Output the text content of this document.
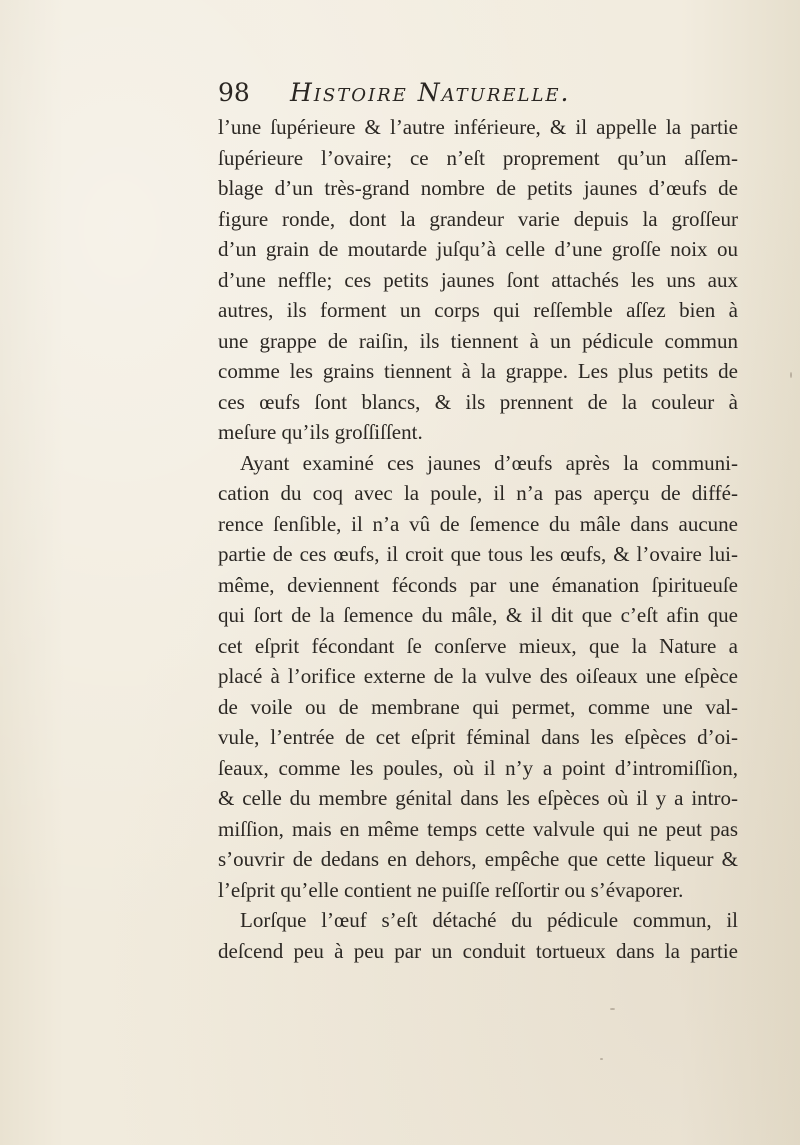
98 Histoire Naturelle.
l’une ſupérieure & l’autre inférieure, & il appelle la partie
ſupérieure l’ovaire; ce n’eſt proprement qu’un aſſem-
blage d’un très-grand nombre de petits jaunes d’œufs de
figure ronde, dont la grandeur varie depuis la groſſeur
d’un grain de moutarde juſqu’à celle d’une groſſe noix ou
d’une neffle; ces petits jaunes ſont attachés les uns aux
autres, ils forment un corps qui reſſemble aſſez bien à
une grappe de raiſin, ils tiennent à un pédicule commun
comme les grains tiennent à la grappe. Les plus petits de
ces œufs ſont blancs, & ils prennent de la couleur à
meſure qu’ils groſſiſſent.
Ayant examiné ces jaunes d’œufs après la communi-
cation du coq avec la poule, il n’a pas aperçu de diffé-
rence ſenſible, il n’a vû de ſemence du mâle dans aucune
partie de ces œufs, il croit que tous les œufs, & l’ovaire lui-
même, deviennent féconds par une émanation ſpiritueuſe
qui ſort de la ſemence du mâle, & il dit que c’eſt afin que
cet eſprit fécondant ſe conſerve mieux, que la Nature a
placé à l’orifice externe de la vulve des oiſeaux une eſpèce
de voile ou de membrane qui permet, comme une val-
vule, l’entrée de cet eſprit féminal dans les eſpèces d’oi-
ſeaux, comme les poules, où il n’y a point d’intromiſſion,
& celle du membre génital dans les eſpèces où il y a intro-
miſſion, mais en même temps cette valvule qui ne peut pas
s’ouvrir de dedans en dehors, empêche que cette liqueur &
l’eſprit qu’elle contient ne puiſſe reſſortir ou s’évaporer.
Lorſque l’œuf s’eſt détaché du pédicule commun, il
deſcend peu à peu par un conduit tortueux dans la partie
